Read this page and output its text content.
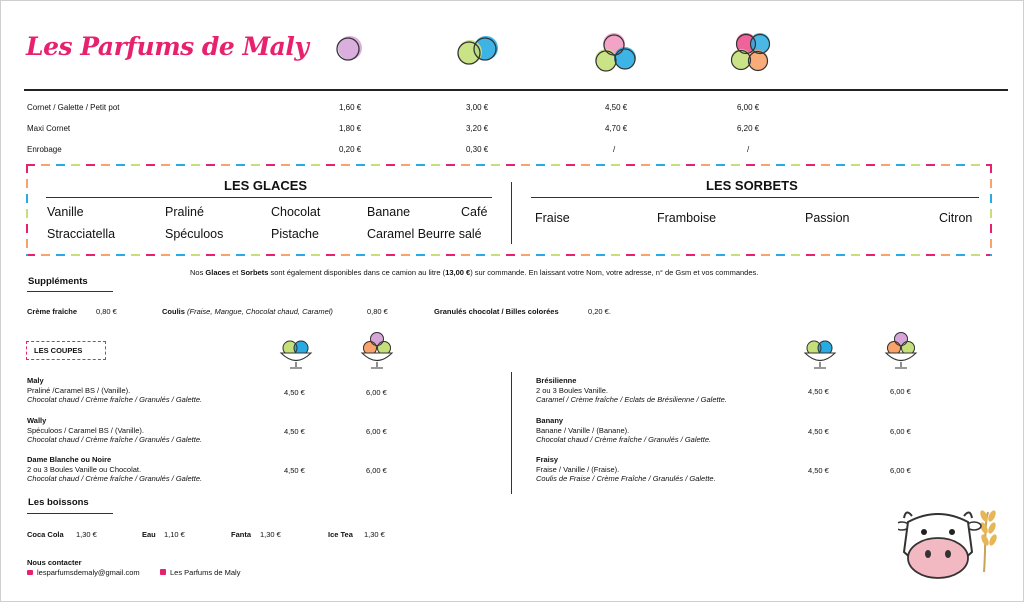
Les Parfums de Maly
Cornet / Galette / Petit pot	1,60 €	3,00 €	4,50 €	6,00 €
Maxi Cornet	1,80 €	3,20 €	4,70 €	6,20 €
Enrobage	0,20 €	0,30 €	/	/
LES GLACES
Vanille	Praliné	Chocolat	Banane	Café
Stracciatella	Spéculoos	Pistache	Caramel Beurre salé
LES SORBETS
Fraise	Framboise	Passion	Citron
Nos Glaces et Sorbets sont également disponibles dans ce camion au litre (13,00 €) sur commande. En laissant votre Nom, votre adresse, n° de Gsm et vos commandes.
Suppléments
Crème fraîche	0,80 €	Coulis (Fraise, Mangue, Chocolat chaud, Caramel)	0,80 €	Granulés chocolat / Billes colorées	0,20 €.
LES COUPES
Maly
Praliné /Caramel BS / (Vanille).
Chocolat chaud / Crème fraîche / Granulés / Galette.
4,50 €	6,00 €
Wally
Spéculoos / Caramel BS / (Vanille).
Chocolat chaud / Crème fraîche / Granulés / Galette.
4,50 €	6,00 €
Dame Blanche ou Noire
2 ou 3 Boules Vanille ou Chocolat.
Chocolat chaud / Crème fraîche / Granulés / Galette.
4,50 €	6,00 €
Brésilienne
2 ou 3 Boules Vanille.
Caramel / Crème fraîche / Eclats de Brésilienne / Galette.
4,50 €	6,00 €
Banany
Banane / Vanille / (Banane).
Chocolat chaud / Crème fraîche / Granulés / Galette.
4,50 €	6,00 €
Fraisy
Fraise / Vanille / (Fraise).
Coulis de Fraise / Crème Fraîche / Granulés / Galette.
4,50 €	6,00 €
Les boissons
Coca Cola 1,30 €	Eau 1,10 €	Fanta 1,30 €	Ice Tea 1,30 €
Nous contacter
lesparfumsdemaly@gmail.com	Les Parfums de Maly
